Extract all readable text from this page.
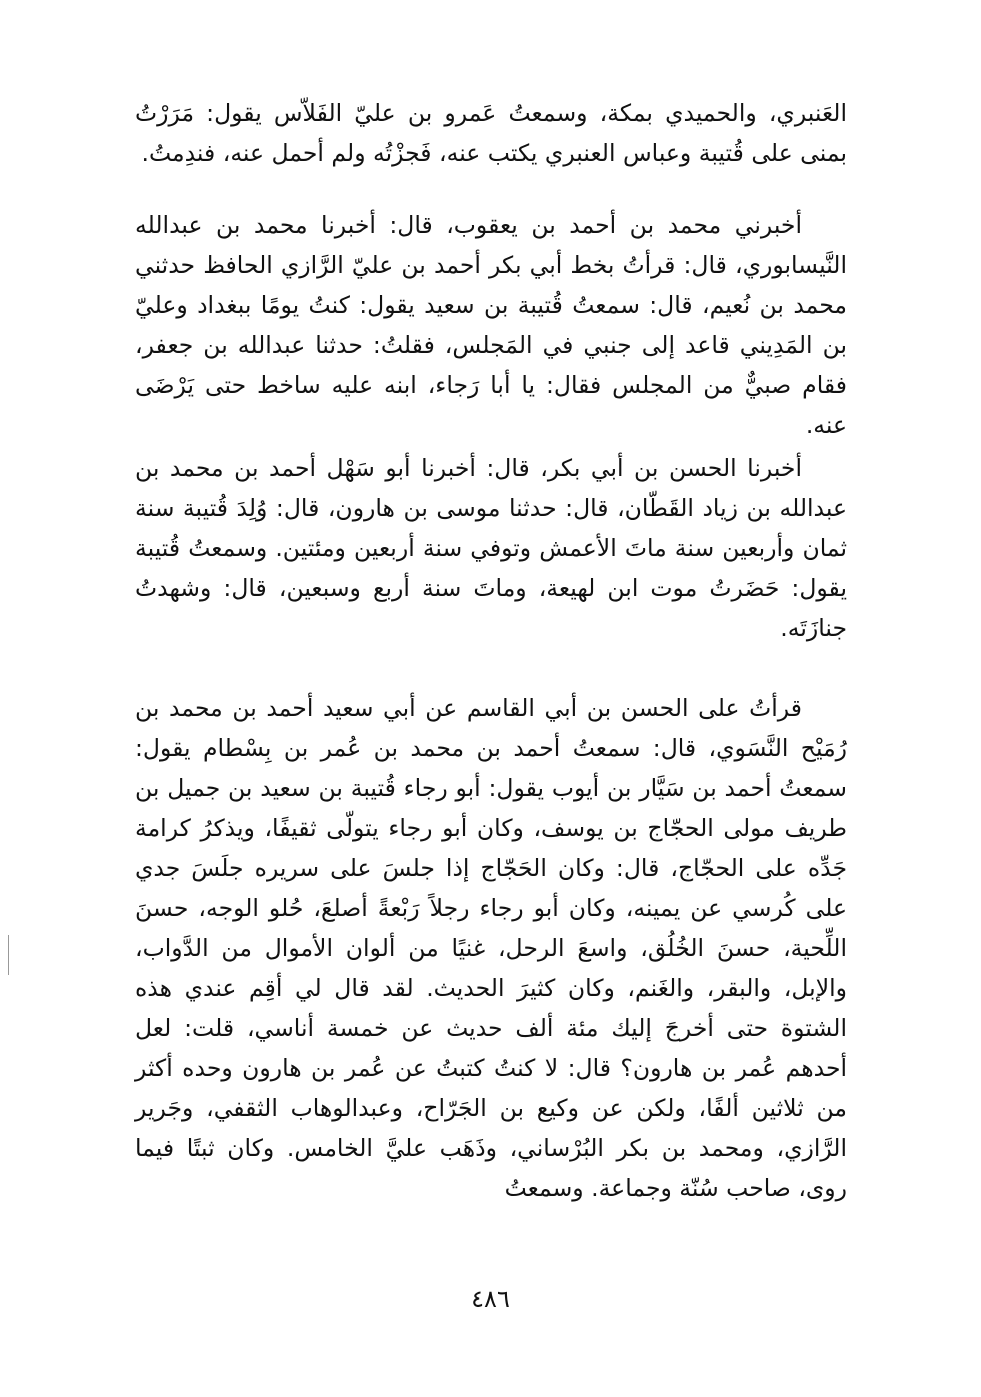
العَنبري، والحميدي بمكة، وسمعتُ عَمرو بن عليّ الفَلاّس يقول: مَرَرْتُ بمنى على قُتيبة وعباس العنبري يكتب عنه، فَجزْتُه ولم أحمل عنه، فندِمتُ.

أخبرني محمد بن أحمد بن يعقوب، قال: أخبرنا محمد بن عبدالله النَّيسابوري، قال: قرأتُ بخط أبي بكر أحمد بن عليّ الرَّازي الحافظ حدثني محمد بن نُعيم، قال: سمعتُ قُتيبة بن سعيد يقول: كنتُ يومًا ببغداد وعليّ بن المَدِيني قاعد إلى جنبي في المَجلس، فقلتُ: حدثنا عبدالله بن جعفر، فقام صبيٌّ من المجلس فقال: يا أبا رَجاء، ابنه عليه ساخط حتى يَرْضَى عنه.

أخبرنا الحسن بن أبي بكر، قال: أخبرنا أبو سَهْل أحمد بن محمد بن عبدالله بن زياد القَطّان، قال: حدثنا موسى بن هارون، قال: وُلِدَ قُتيبة سنة ثمان وأربعين سنة ماتَ الأعمش وتوفي سنة أربعين ومئتين. وسمعتُ قُتيبة يقول: حَضَرتُ موت ابن لهيعة، وماتَ سنة أربع وسبعين، قال: وشهدتُ جنازَتَه.

قرأتُ على الحسن بن أبي القاسم عن أبي سعيد أحمد بن محمد بن رُمَيْح النَّسَوي، قال: سمعتُ أحمد بن محمد بن عُمر بن بِسْطام يقول: سمعتُ أحمد بن سَيَّار بن أيوب يقول: أبو رجاء قُتيبة بن سعيد بن جميل بن طريف مولى الحجّاج بن يوسف، وكان أبو رجاء يتولّى ثقيفًا، ويذكرُ كرامة جَدِّه على الحجّاج، قال: وكان الحَجّاج إذا جلسَ على سريره جلَسَ جدي على كُرسي عن يمينه، وكان أبو رجاء رجلاً رَبْعةً أصلعَ، حُلو الوجه، حسنَ اللِّحية، حسنَ الخُلُق، واسعَ الرحل، غنيًا من ألوان الأموال من الدَّواب، والإبل، والبقر، والغَنم، وكان كثيرَ الحديث. لقد قال لي أقِم عندي هذه الشتوة حتى أخرجَ إليك مئة ألف حديث عن خمسة أناسي، قلت: لعل أحدهم عُمر بن هارون؟ قال: لا كنتُ كتبتُ عن عُمر بن هارون وحده أكثر من ثلاثين ألفًا، ولكن عن وكيع بن الجَرّاح، وعبدالوهاب الثقفي، وجَرير الرَّازي، ومحمد بن بكر البُرْساني، وذَهَب عليَّ الخامس. وكان ثبتًا فيما روى، صاحب سُنّة وجماعة. وسمعتُ

٤٨٦
